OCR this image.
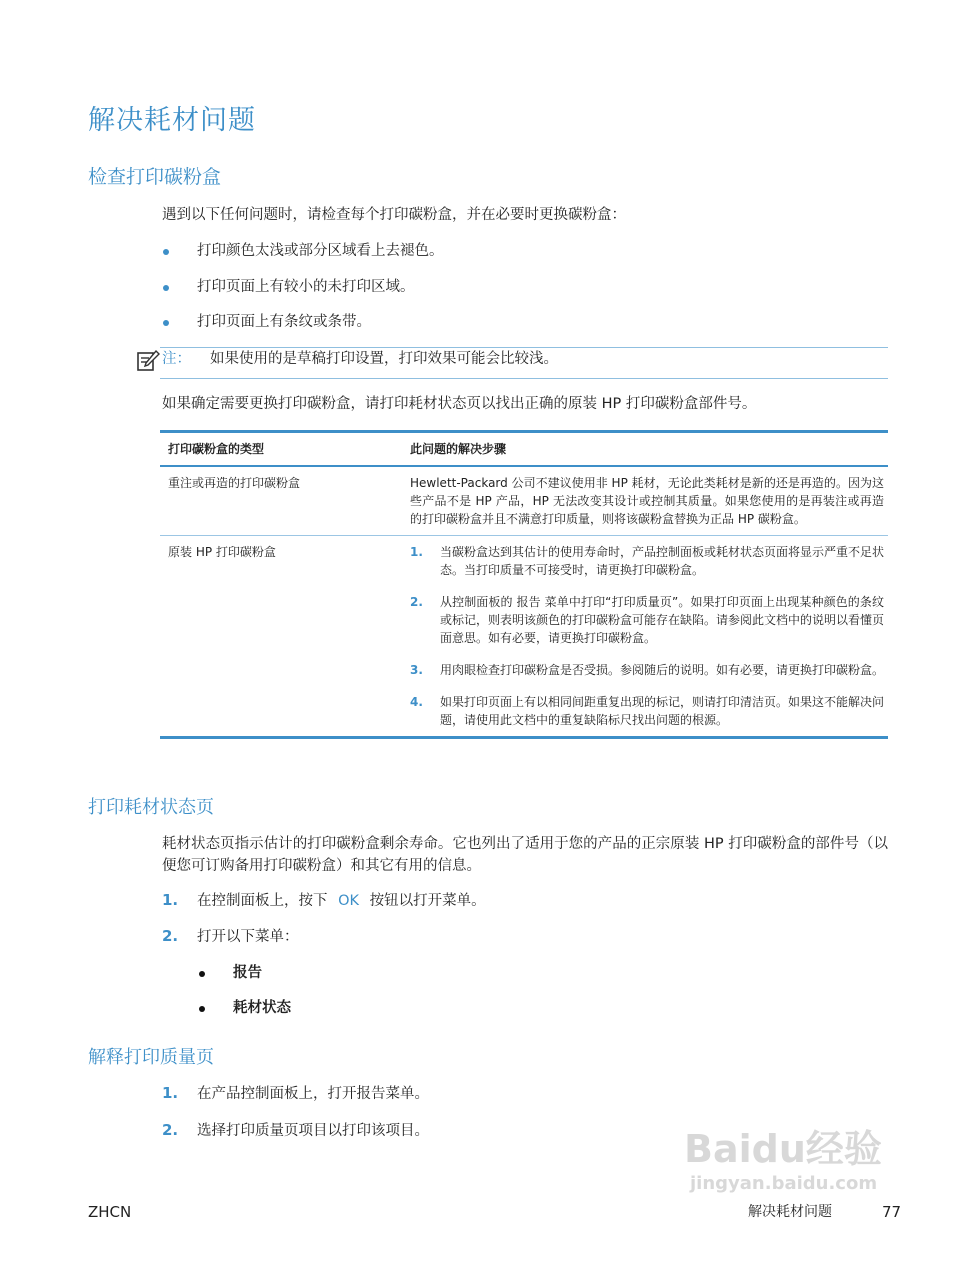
解决耗材问题
检查打印碳粉盒
遇到以下任何问题时，请检查每个打印碳粉盒，并在必要时更换碳粉盒：
打印颜色太浅或部分区域看上去褪色。
打印页面上有较小的未打印区域。
打印页面上有条纹或条带。
注： 如果使用的是草稿打印设置，打印效果可能会比较浅。
如果确定需要更换打印碳粉盒，请打印耗材状态页以找出正确的原装 HP 打印碳粉盒部件号。
打印碳粉盒的类型	此问题的解决步骤
重注或再造的打印碳粉盒	Hewlett-Packard 公司不建议使用非 HP 耗材，无论此类耗材是新的还是再造的。因为这些产品不是 HP 产品，HP 无法改变其设计或控制其质量。如果您使用的是再装注或再造的打印碳粉盒并且不满意打印质量，则将该碳粉盒替换为正品 HP 碳粉盒。
原装 HP 打印碳粉盒	1.	当碳粉盒达到其估计的使用寿命时，产品控制面板或耗材状态页面将显示严重不足状态。当打印质量不可接受时，请更换打印碳粉盒。
2.	从控制面板的 报告 菜单中打印“打印质量页”。如果打印页面上出现某种颜色的条纹或标记，则表明该颜色的打印碳粉盒可能存在缺陷。请参阅此文档中的说明以看懂页面意思。如有必要，请更换打印碳粉盒。
3.	用肉眼检查打印碳粉盒是否受损。参阅随后的说明。如有必要，请更换打印碳粉盒。
4.	如果打印页面上有以相同间距重复出现的标记，则请打印清洁页。如果这不能解决问题，请使用此文档中的重复缺陷标尺找出问题的根源。
打印耗材状态页
耗材状态页指示估计的打印碳粉盒剩余寿命。它也列出了适用于您的产品的正宗原装 HP 打印碳粉盒的部件号（以便您可订购备用打印碳粉盒）和其它有用的信息。
1. 在控制面板上，按下 OK 按钮以打开菜单。
2. 打开以下菜单：
报告
耗材状态
解释打印质量页
1. 在产品控制面板上，打开报告菜单。
2. 选择打印质量页项目以打印该项目。	Baidu经验
jingyan.baidu.com
ZHCN	解决耗材问题	77
